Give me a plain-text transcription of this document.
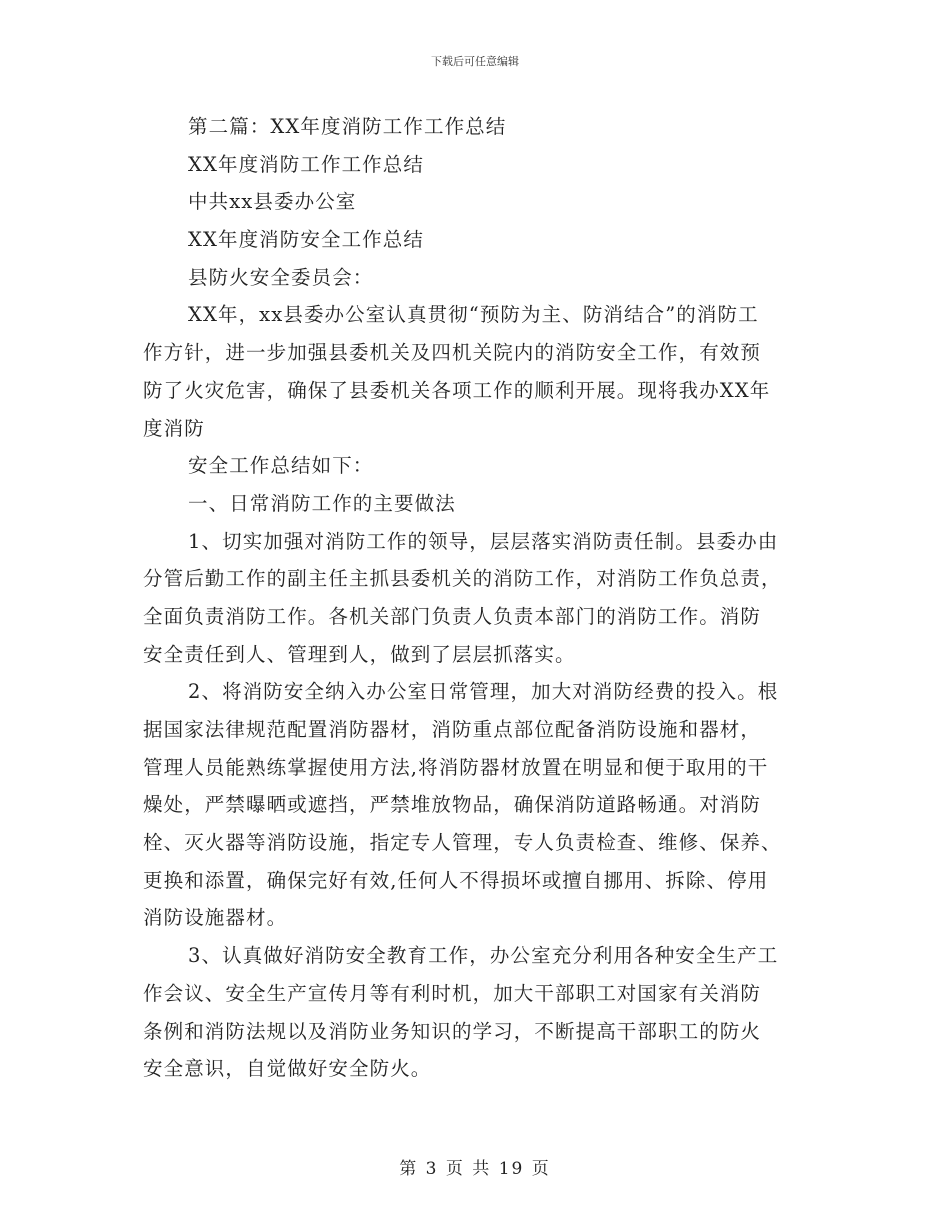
下载后可任意编辑
第二篇：XX年度消防工作工作总结
XX年度消防工作工作总结
中共xx县委办公室
XX年度消防安全工作总结
县防火安全委员会：
XX年，xx县委办公室认真贯彻“预防为主、防消结合”的消防工
作方针，进一步加强县委机关及四机关院内的消防安全工作，有效预
防了火灾危害，确保了县委机关各项工作的顺利开展。现将我办XX年
度消防
安全工作总结如下：
一、日常消防工作的主要做法
1、切实加强对消防工作的领导，层层落实消防责任制。县委办由
分管后勤工作的副主任主抓县委机关的消防工作，对消防工作负总责，
全面负责消防工作。各机关部门负责人负责本部门的消防工作。消防
安全责任到人、管理到人，做到了层层抓落实。
2、将消防安全纳入办公室日常管理，加大对消防经费的投入。根
据国家法律规范配置消防器材，消防重点部位配备消防设施和器材，
管理人员能熟练掌握使用方法,将消防器材放置在明显和便于取用的干
燥处，严禁曝晒或遮挡，严禁堆放物品，确保消防道路畅通。对消防
栓、灭火器等消防设施，指定专人管理，专人负责检查、维修、保养、
更换和添置，确保完好有效,任何人不得损坏或擅自挪用、拆除、停用
消防设施器材。
3、认真做好消防安全教育工作，办公室充分利用各种安全生产工
作会议、安全生产宣传月等有利时机，加大干部职工对国家有关消防
条例和消防法规以及消防业务知识的学习，不断提高干部职工的防火
安全意识，自觉做好安全防火。
第 3 页 共 19 页
